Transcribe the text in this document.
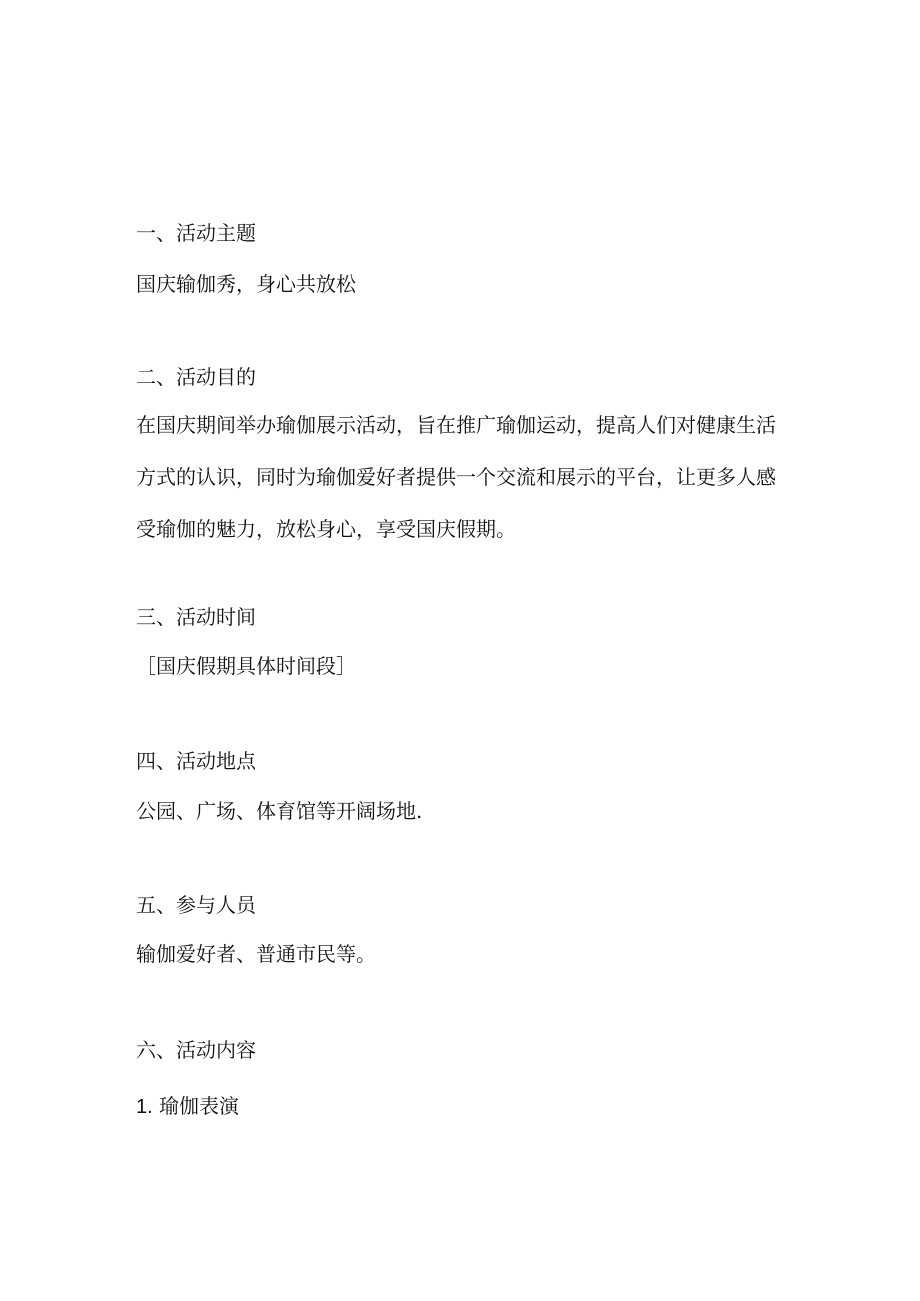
一、活动主题

国庆输伽秀，身心共放松

二、活动目的
在国庆期间举办瑜伽展示活动，旨在推广瑜伽运动，提高人们对健康生活
方式的认识，同时为瑜伽爱好者提供一个交流和展示的平台，让更多人感
受瑜伽的魅力，放松身心，享受国庆假期。
三、活动时间

［国庆假期具体时间段］

四、活动地点

公园、广场、体育馆等开阔场地.

五、参与人员

输伽爱好者、普通市民等。

六、活动内容

1. 瑜伽表演
